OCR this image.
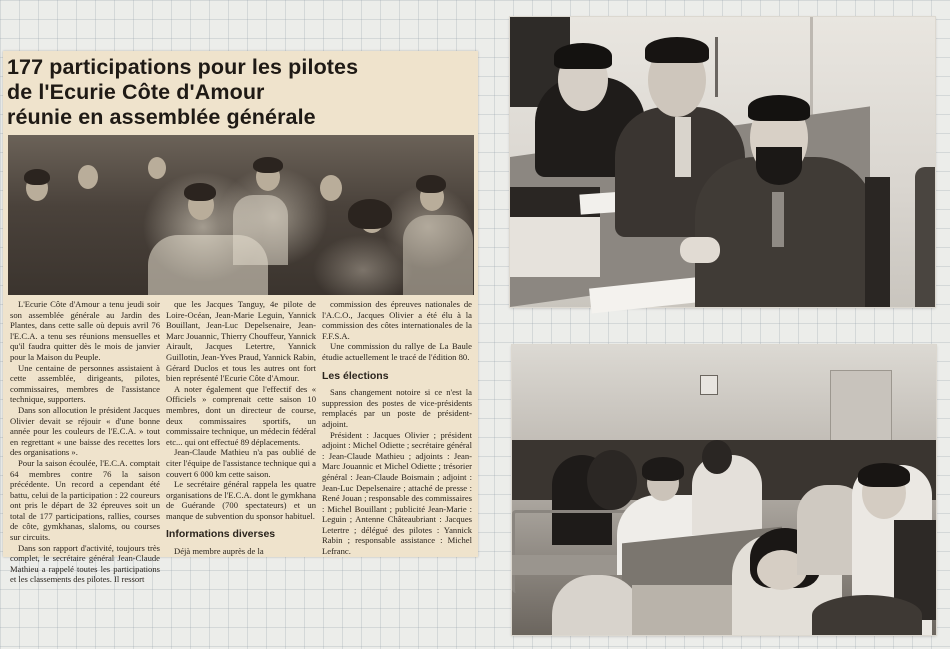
177 participations pour les pilotes
de l'Ecurie Côte d'Amour
réunie en assemblée générale

L'Ecurie Côte d'Amour a tenu jeudi soir son assemblée générale au Jardin des Plantes, dans cette salle où depuis avril 76 l'E.C.A. a tenu ses réunions mensuelles et qu'il faudra quitter dès le mois de janvier pour la Maison du Peuple.

Une centaine de personnes assistaient à cette assemblée, dirigeants, pilotes, commissaires, membres de l'assistance technique, supporters.

Dans son allocution le président Jacques Olivier devait se réjouir « d'une bonne année pour les couleurs de l'E.C.A. » tout en regrettant « une baisse des recettes lors des organisations ».

Pour la saison écoulée, l'E.C.A. comptait 64 membres contre 76 la saison précédente. Un record a cependant été battu, celui de la participation : 22 coureurs ont pris le départ de 32 épreuves soit un total de 177 participations, rallies, courses de côte, gymkhanas, slaloms, ou courses sur circuits.

Dans son rapport d'activité, toujours très complet, le secrétaire général Jean-Claude Mathieu a rappelé toutes les participations et les classements des pilotes. Il ressort

que les Jacques Tanguy, 4e pilote de Loire-Océan, Jean-Marie Leguin, Yannick Bouillant, Jean-Luc Depelsenaire, Jean-Marc Jouannic, Thierry Chouffeur, Yannick Airault, Jacques Letertre, Yannick Guillotin, Jean-Yves Praud, Yannick Rabin, Gérard Duclos et tous les autres ont fort bien représenté l'Ecurie Côte d'Amour.

A noter également que l'effectif des « Officiels » comprenait cette saison 10 membres, dont un directeur de course, deux commissaires sportifs, un commissaire technique, un médecin fédéral etc... qui ont effectué 89 déplacements.

Jean-Claude Mathieu n'a pas oublié de citer l'équipe de l'assistance technique qui a couvert 6 000 km cette saison.

Le secrétaire général rappela les quatre organisations de l'E.C.A. dont le gymkhana de Guérande (700 spectateurs) et un manque de subvention du sponsor habituel.

Informations diverses

Déjà membre auprès de la

commission des épreuves nationales de l'A.C.O., Jacques Olivier a été élu à la commission des côtes internationales de la F.F.S.A.

Une commission du rallye de La Baule étudie actuellement le tracé de l'édition 80.

Les élections

Sans changement notoire si ce n'est la suppression des postes de vice-présidents remplacés par un poste de président-adjoint.

Président : Jacques Olivier ; président adjoint : Michel Odiette ; secrétaire général : Jean-Claude Mathieu ; adjoints : Jean-Marc Jouannic et Michel Odiette ; trésorier général : Jean-Claude Boismain ; adjoint : Jean-Luc Depelsenaire ; attaché de presse : René Jouan ; responsable des commissaires : Michel Bouillant ; publicité Jean-Marie : Leguin ; Antenne Châteaubriant : Jacques Letertre ; délégué des pilotes : Yannick Rabin ; responsable assistance : Michel Lefranc.
